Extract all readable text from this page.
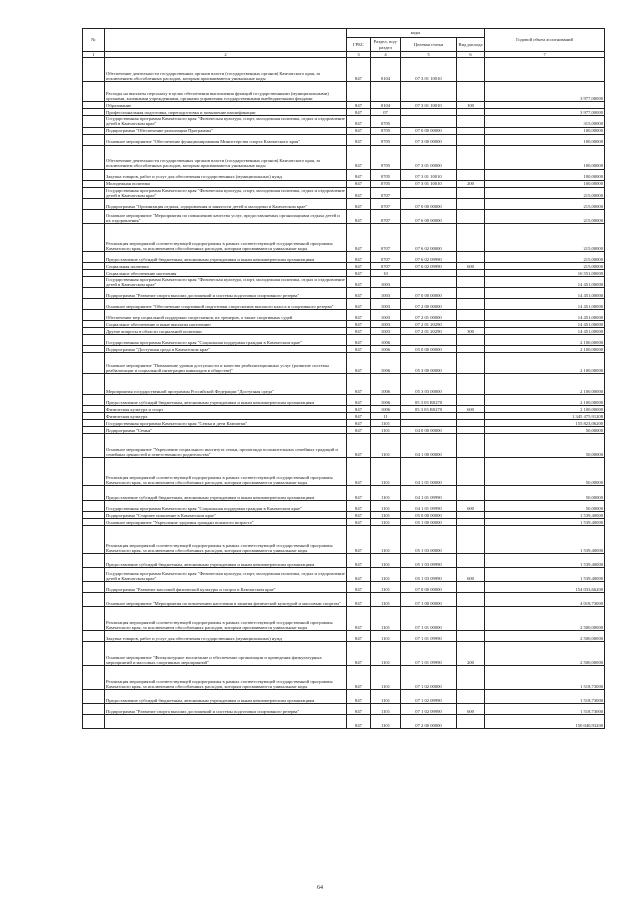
№		коды				Годовой объем ассигнований
		ГРБС	Раздел, под-раздел	Целевая статья	Вид расхода	
1	2	3	4	5	6	7
	Обеспечение деятельности государственных органов власти (государственных органов) Камчатского края, за исключением обособленных расходов, которым присваиваются уникальные коды	847	0104	07 3 01 10010		
	Расходы на выплаты персоналу в целях обеспечения выполнения функций государственными (муниципальными) органами, казенными учреждениями, органами управления государственными внебюджетными фондами					3 977,00000
	Образование	847	0104	07 3 01 10010	100	
	Профессиональная подготовка, переподготовка и повышение квалификации	847	07			3 977,00000
	Государственная программа Камчатского края "Физическая культура, спорт, молодежная политика, отдых и оздоровление детей в Камчатском крае"	847	0705			315,00000
	Подпрограмма "Обеспечение реализации Программы"	847	0705	07 0 00 00000		100,00000
	Основное мероприятие "Обеспечение функционирования Министерства спорта Камчатского края"	847	0705	07 3 00 00000		100,00000
	Обеспечение деятельности государственных органов власти (государственных органов) Камчатского края, за исключением обособленных расходов, которым присваиваются уникальные коды	847	0705	07 3 01 00000		100,00000
	Закупка товаров, работ и услуг для обеспечения государственных (муниципальных) нужд	847	0705	07 3 01 10010		100,00000
	Молодежная политика	847	0705	07 3 01 10010	200	100,00000
	Государственная программа Камчатского края "Физическая культура, спорт, молодежная политика, отдых и оздоровление детей в Камчатском крае"	847	0707			215,00000
	Подпрограмма "Организация отдыха, оздоровления и занятости детей и молодежи в Камчатском крае"	847	0707	07 0 00 00000		215,00000
	Основное мероприятие "Мероприятия по повышению качества услуг, предоставляемых организациями отдыха детей и их оздоровления"	847	0707	07 6 00 00000		215,00000
	Реализация мероприятий соответствующей подпрограммы в рамках соответствующей государственной программы Камчатского края, за исключением обособленных расходов, которым присваиваются уникальные коды	847	0707	07 6 02 00000		215,00000
	Предоставление субсидий бюджетным, автономным учреждениям и иным некоммерческим организациям	847	0707	07 6 02 09990		215,00000
	Социальная политика	847	0707	07 6 02 09990	600	215,00000
	Социальное обеспечение населения	847	10			16 551,00000
	Государственная программа Камчатского края "Физическая культура, спорт, молодежная политика, отдых и оздоровление детей в Камчатском крае"	847	1003			14 451,00000
	Подпрограмма "Развитие спорта высших достижений и системы подготовки спортивного резерва"	847	1003	07 0 00 00000		14 451,00000
	Основное мероприятие "Обеспечение спортивной подготовки спортсменов высокого класса и спортивного резерва"	847	1003	07 2 00 00000		14 451,00000
	Обеспечение мер социальной поддержки спортсменов, их тренеров, а также спортивных судей	847	1003	07 2 01 00000		14 451,00000
	Социальное обеспечение и иные выплаты населению	847	1003	07 2 01 20290		14 451,00000
	Другие вопросы в области социальной политики	847	1003	07 2 01 20290	300	14 451,00000
	Государственная программа Камчатского края "Социальная поддержка граждан в Камчатском крае"	847	1006			2 100,00000
	Подпрограмма "Доступная среда в Камчатском крае"	847	1006	05 0 00 00000		2 100,00000
	Основное мероприятие "Повышение уровня доступности и качества реабилитационных услуг (развитие системы реабилитации и социальной интеграции инвалидов в обществе)"	847	1006	05 3 00 00000		2 100,00000
	Мероприятия государственной программы Российской Федерации "Доступная среда"	847	1006	05 3 03 00000		2 100,00000
	Предоставление субсидий бюджетным, автономным учреждениям и иным некоммерческим организациям	847	1006	05 3 03 R0270		2 100,00000
	Физическая культура и спорт	847	1006	05 3 03 R0270	600	2 100,00000
	Физическая культура	847	11			1 345 475,91208
	Государственная программа Камчатского края "Семья и дети Камчатки"	847	1101			155 823,06200
	Подпрограмма "Семья"	847	1101	04 0 00 00000		50,00000
	Основное мероприятие "Укрепление социального института семьи, пропаганда положительных семейных традиций и семейных ценностей и ответственного родительства"	847	1101	04 1 00 00000		50,00000
	Реализация мероприятий соответствующей подпрограммы в рамках соответствующей государственной программы Камчатского края, за исключением обособленных расходов, которым присваиваются уникальные коды	847	1101	04 1 01 00000		50,00000
	Предоставление субсидий бюджетным, автономным учреждениям и иным некоммерческим организациям	847	1101	04 1 01 09990		50,00000
	Государственная программа Камчатского края "Социальная поддержка граждан в Камчатском крае"	847	1101	04 1 01 09990	600	50,00000
	Подпрограмма "Старшее поколение в Камчатском крае"	847	1101	05 0 00 00000		1 539,40000
	Основное мероприятие "Укрепление здоровья граждан пожилого возраста"	847	1101	05 1 00 00000		1 539,40000
	Реализация мероприятий соответствующей подпрограммы в рамках соответствующей государственной программы Камчатского края, за исключением обособленных расходов, которым присваиваются уникальные коды	847	1101	05 1 03 00000		1 539,40000
	Предоставление субсидий бюджетным, автономным учреждениям и иным некоммерческим организациям	847	1101	05 1 03 09990		1 539,40000
	Государственная программа Камчатского края "Физическая культура, спорт, молодежная политика, отдых и оздоровление детей в Камчатском крае"	847	1101	05 1 03 09990	600	1 539,40000
	Подпрограмма "Развитие массовой физической культуры и спорта в Камчатском крае"	847	1101	07 0 00 00000		154 033,66200
	Основное мероприятие "Мероприятия по вовлечению населения в занятия физической культурой и массовым спортом"	847	1101	07 1 00 00000		4 018,73000
	Реализация мероприятий соответствующей подпрограммы в рамках соответствующей государственной программы Камчатского края, за исключением обособленных расходов, которым присваиваются уникальные коды	847	1101	07 1 01 00000		2 500,00000
	Закупка товаров, работ и услуг для обеспечения государственных (муниципальных) нужд	847	1101	07 1 01 09990		2 500,00000
	Основное мероприятие "Физкультурное воспитание и обеспечение организации и проведения физкультурных мероприятий и массовых спортивных мероприятий"	847	1101	07 1 01 09990	200	2 500,00000
	Реализация мероприятий соответствующей подпрограммы в рамках соответствующей государственной программы Камчатского края, за исключением обособленных расходов, которым присваиваются уникальные коды	847	1101	07 1 02 00000		1 518,73000
	Предоставление субсидий бюджетным, автономным учреждениям и иным некоммерческим организациям	847	1101	07 1 02 09990		1 518,73000
	Подпрограмма "Развитие спорта высших достижений и системы подготовки спортивного резерва"	847	1101	07 1 02 09990	600	1 518,73000
		847	1101	07 2 00 00000		150 040,93200
64
